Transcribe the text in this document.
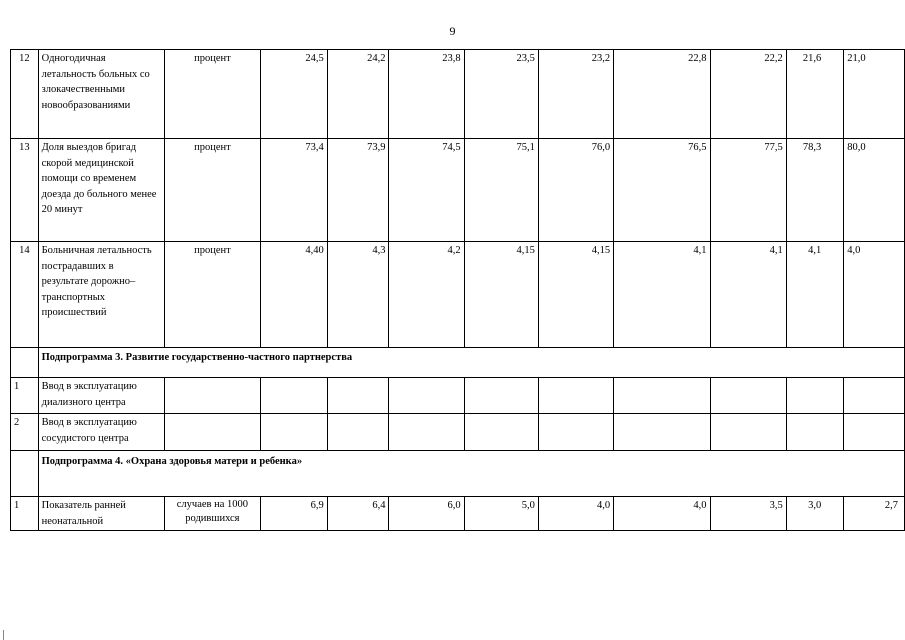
9
12	Одногодичная летальность больных со злокачественными новообразованиями	процент	24,5	24,2	23,8	23,5	23,2	22,8	22,2	21,6	21,0
13	Доля выездов бригад скорой медицинской помощи со временем доезда до больного менее 20 минут	процент	73,4	73,9	74,5	75,1	76,0	76,5	77,5	78,3	80,0
14	Больничная летальность пострадавших в результате дорожно–транспортных происшествий	процент	4,40	4,3	4,2	4,15	4,15	4,1	4,1	4,1	4,0
	Подпрограмма 3. Развитие государственно-частного партнерства										
1	Ввод в эксплуатацию диализного центра										
2	Ввод в эксплуатацию сосудистого центра										
	Подпрограмма 4. «Охрана здоровья матери и ребенка»										
1	Показатель ранней неонатальной	случаев на 1000 родившихся	6,9	6,4	6,0	5,0	4,0	4,0	3,5	3,0	2,7
